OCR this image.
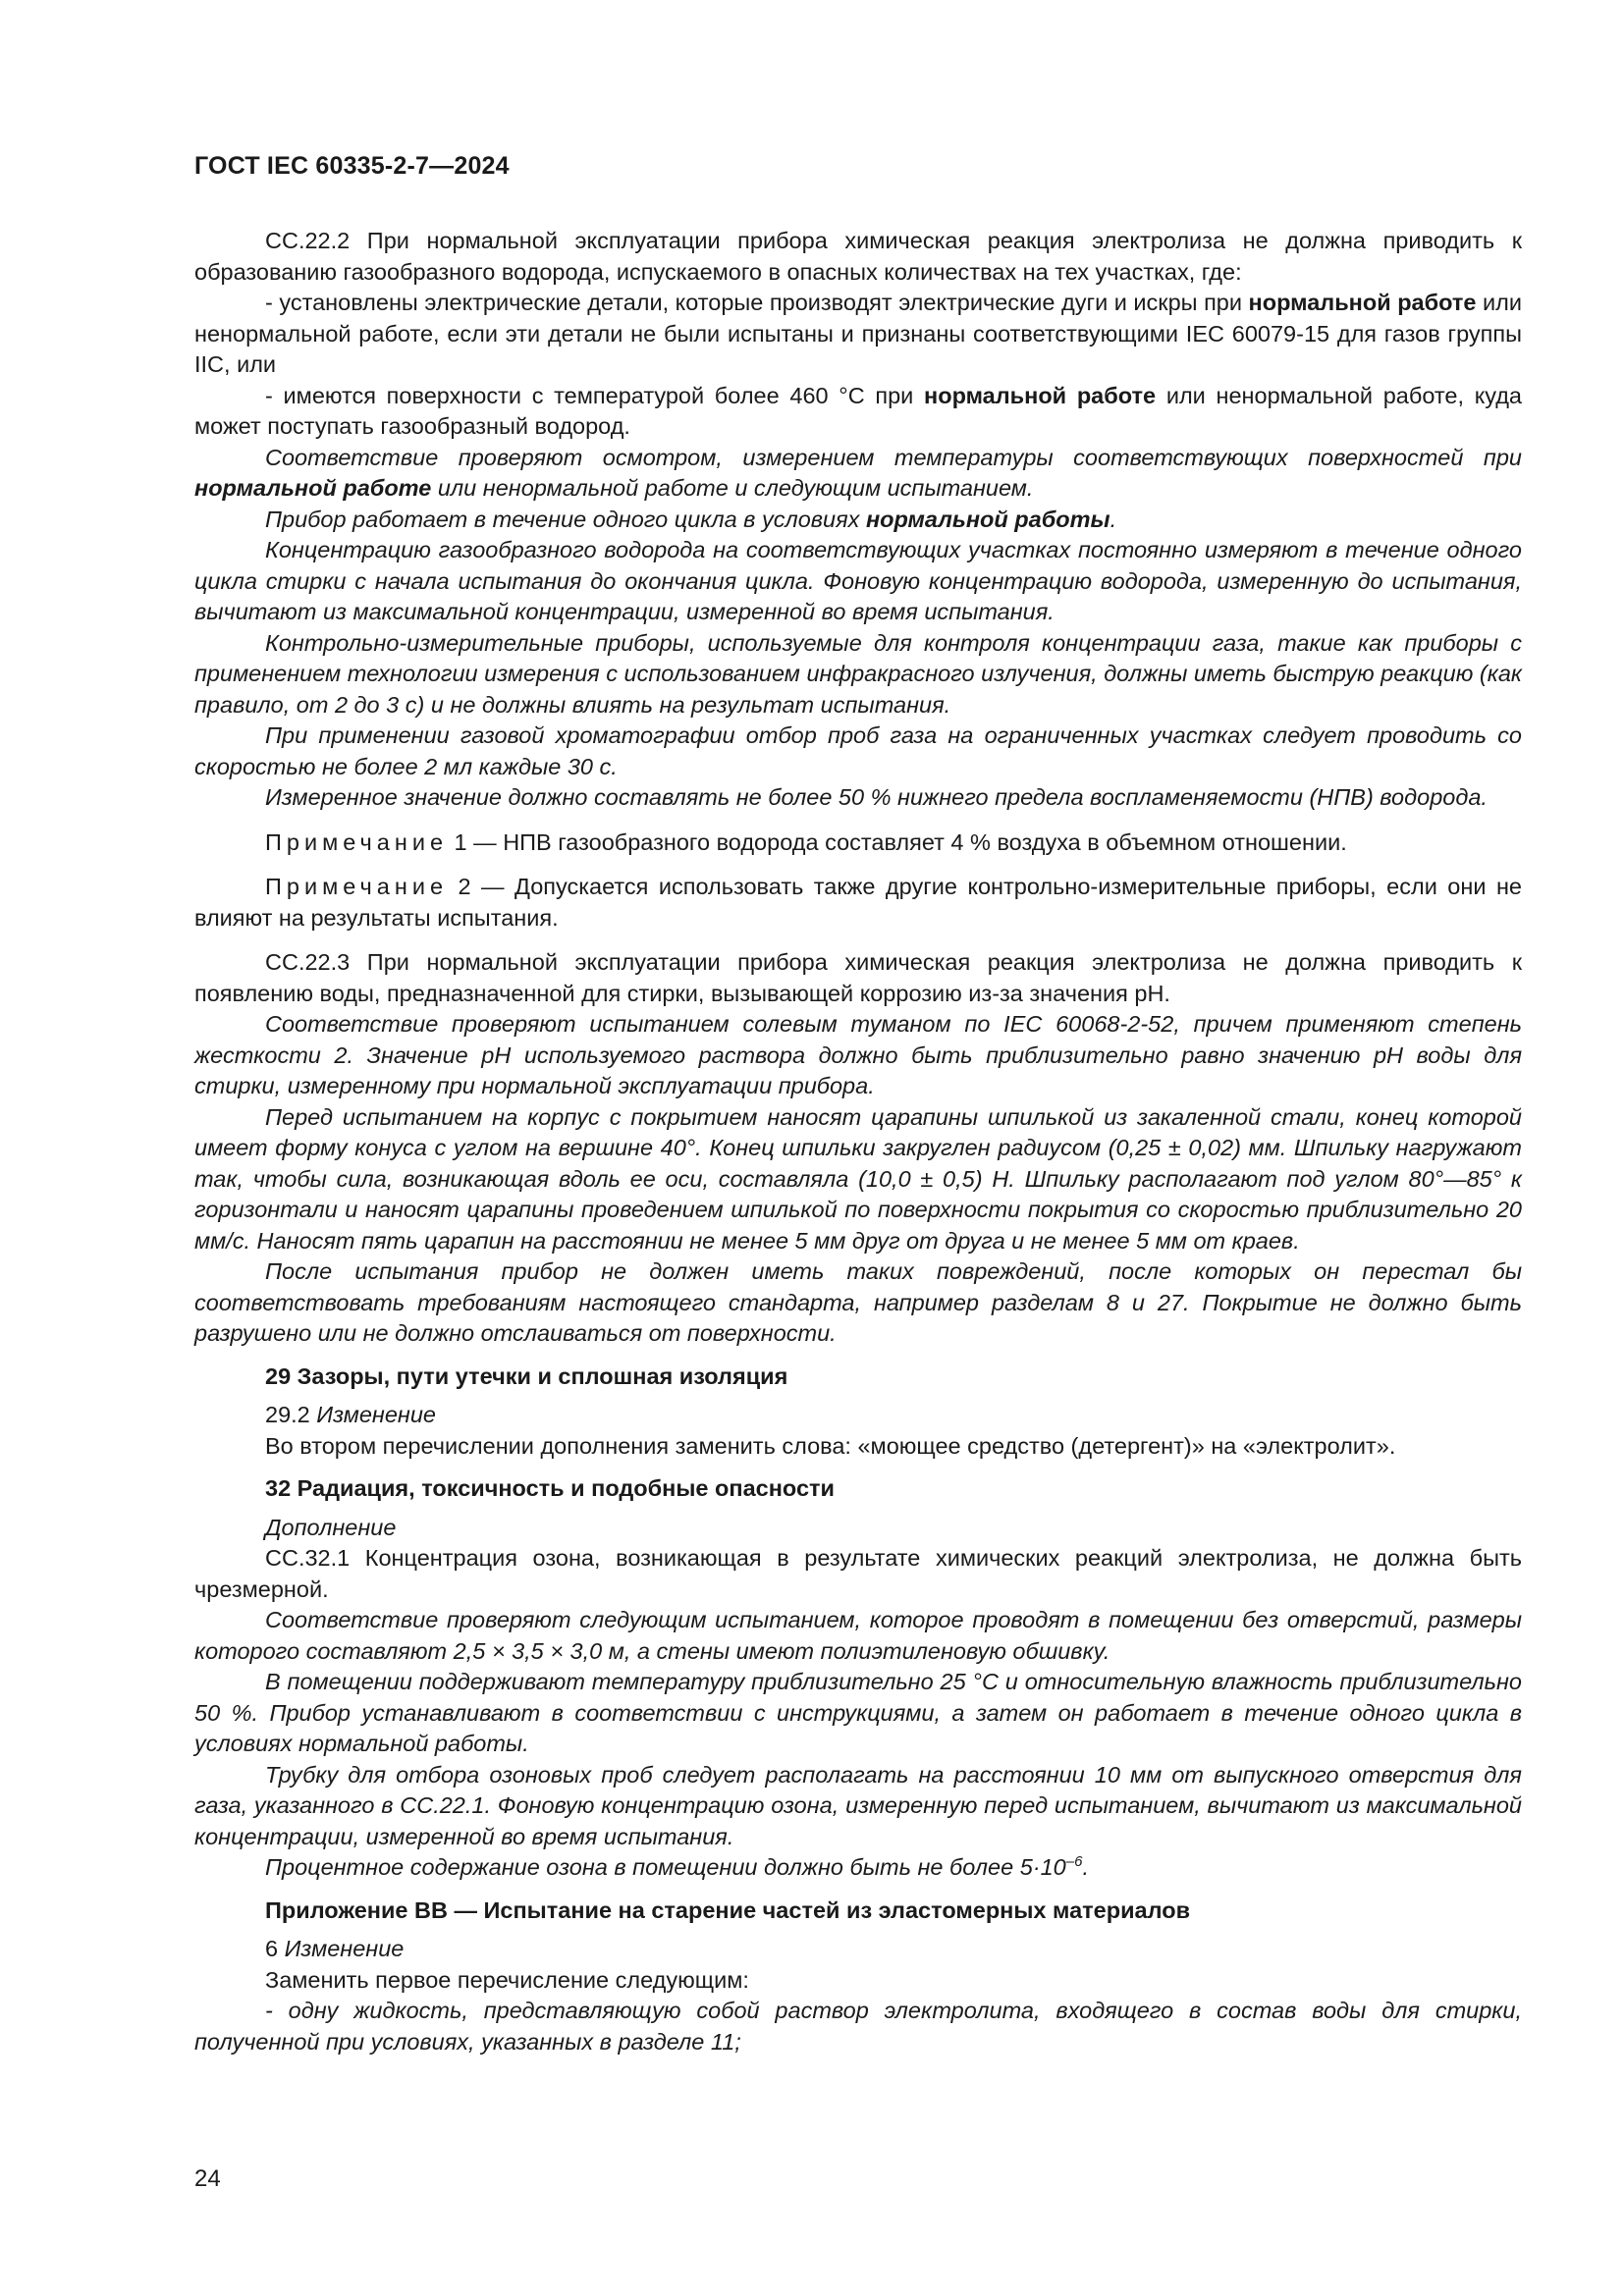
ГОСТ IEC 60335-2-7—2024

CC.22.2 При нормальной эксплуатации прибора химическая реакция электролиза не должна приводить к образованию газообразного водорода, испускаемого в опасных количествах на тех участках, где:

- установлены электрические детали, которые производят электрические дуги и искры при нормальной работе или ненормальной работе, если эти детали не были испытаны и признаны соответствующими IEC 60079-15 для газов группы IIC, или

- имеются поверхности с температурой более 460 °С при нормальной работе или ненормальной работе, куда может поступать газообразный водород.

Соответствие проверяют осмотром, измерением температуры соответствующих поверхностей при нормальной работе или ненормальной работе и следующим испытанием.

Прибор работает в течение одного цикла в условиях нормальной работы.

Концентрацию газообразного водорода на соответствующих участках постоянно измеряют в течение одного цикла стирки с начала испытания до окончания цикла. Фоновую концентрацию водорода, измеренную до испытания, вычитают из максимальной концентрации, измеренной во время испытания.

Контрольно-измерительные приборы, используемые для контроля концентрации газа, такие как приборы с применением технологии измерения с использованием инфракрасного излучения, должны иметь быструю реакцию (как правило, от 2 до 3 с) и не должны влиять на результат испытания.

При применении газовой хроматографии отбор проб газа на ограниченных участках следует проводить со скоростью не более 2 мл каждые 30 с.

Измеренное значение должно составлять не более 50 % нижнего предела воспламеняемости (НПВ) водорода.

Примечание 1 — НПВ газообразного водорода составляет 4 % воздуха в объемном отношении.

Примечание 2 — Допускается использовать также другие контрольно-измерительные приборы, если они не влияют на результаты испытания.

CC.22.3 При нормальной эксплуатации прибора химическая реакция электролиза не должна приводить к появлению воды, предназначенной для стирки, вызывающей коррозию из-за значения pH.

Соответствие проверяют испытанием солевым туманом по IEC 60068-2-52, причем применяют степень жесткости 2. Значение pH используемого раствора должно быть приблизительно равно значению pH воды для стирки, измеренному при нормальной эксплуатации прибора.

Перед испытанием на корпус с покрытием наносят царапины шпилькой из закаленной стали, конец которой имеет форму конуса с углом на вершине 40°. Конец шпильки закруглен радиусом (0,25 ± 0,02) мм. Шпильку нагружают так, чтобы сила, возникающая вдоль ее оси, составляла (10,0 ± 0,5) Н. Шпильку располагают под углом 80°—85° к горизонтали и наносят царапины проведением шпилькой по поверхности покрытия со скоростью приблизительно 20 мм/с. Наносят пять царапин на расстоянии не менее 5 мм друг от друга и не менее 5 мм от краев.

После испытания прибор не должен иметь таких повреждений, после которых он перестал бы соответствовать требованиям настоящего стандарта, например разделам 8 и 27. Покрытие не должно быть разрушено или не должно отслаиваться от поверхности.

29 Зазоры, пути утечки и сплошная изоляция

29.2 Изменение

Во втором перечислении дополнения заменить слова: «моющее средство (детергент)» на «электролит».

32 Радиация, токсичность и подобные опасности

Дополнение

CC.32.1 Концентрация озона, возникающая в результате химических реакций электролиза, не должна быть чрезмерной.

Соответствие проверяют следующим испытанием, которое проводят в помещении без отверстий, размеры которого составляют 2,5 × 3,5 × 3,0 м, а стены имеют полиэтиленовую обшивку.

В помещении поддерживают температуру приблизительно 25 °С и относительную влажность приблизительно 50 %. Прибор устанавливают в соответствии с инструкциями, а затем он работает в течение одного цикла в условиях нормальной работы.

Трубку для отбора озоновых проб следует располагать на расстоянии 10 мм от выпускного отверстия для газа, указанного в CC.22.1. Фоновую концентрацию озона, измеренную перед испытанием, вычитают из максимальной концентрации, измеренной во время испытания.

Процентное содержание озона в помещении должно быть не более $5\cdot 10^{-6}$.

Приложение ВВ — Испытание на старение частей из эластомерных материалов

6 Изменение

Заменить первое перечисление следующим:

- одну жидкость, представляющую собой раствор электролита, входящего в состав воды для стирки, полученной при условиях, указанных в разделе 11;

24
